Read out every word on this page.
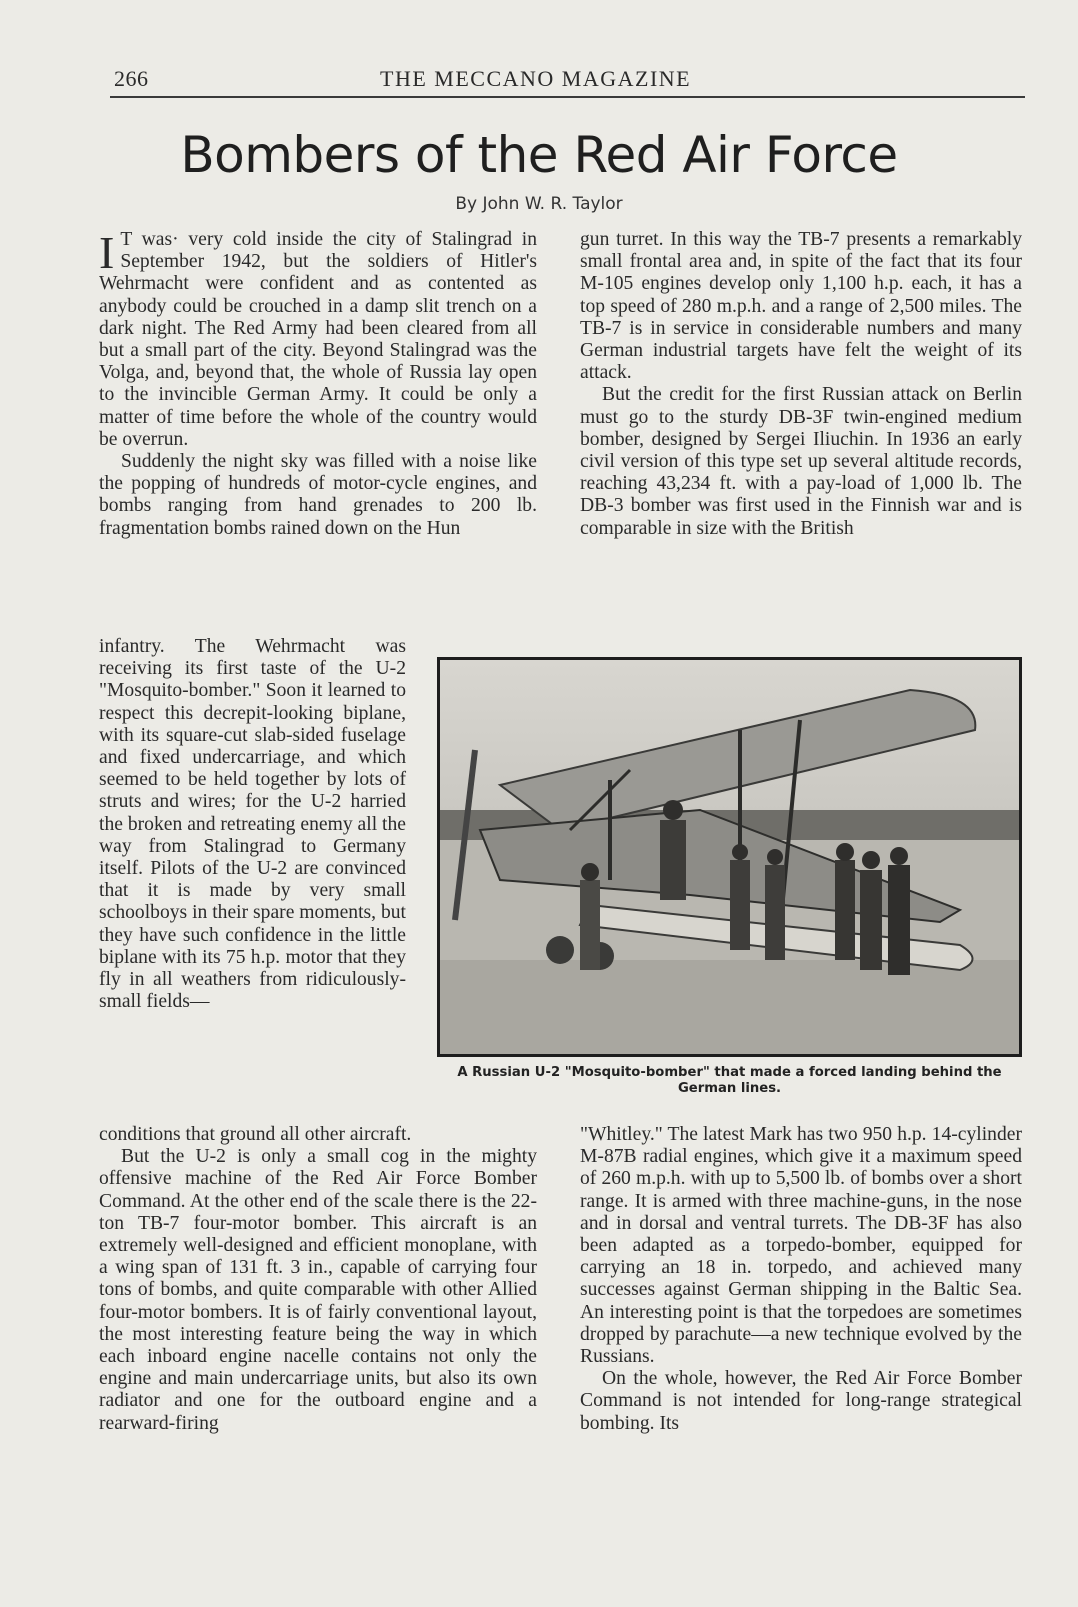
266	THE MECCANO MAGAZINE
Bombers of the Red Air Force
By John W. R. Taylor

I T was· very cold inside the city of Stalingrad in September 1942, but the soldiers of Hitler's Wehrmacht were confident and as contented as anybody could be crouched in a damp slit trench on a dark night. The Red Army had been cleared from all but a small part of the city. Beyond Stalingrad was the Volga, and, beyond that, the whole of Russia lay open to the invincible German Army. It could be only a matter of time before the whole of the country would be overrun.

Suddenly the night sky was filled with a noise like the popping of hundreds of motor-cycle engines, and bombs ranging from hand grenades to 200 lb. fragmentation bombs rained down on the Hun

infantry. The Wehrmacht was receiving its first taste of the U-2 "Mosquito-bomber." Soon it learned to respect this decrepit-looking biplane, with its square-cut slab-sided fuselage and fixed undercarriage, and which seemed to be held together by lots of struts and wires; for the U-2 harried the broken and retreating enemy all the way from Stalingrad to Germany itself. Pilots of the U-2 are convinced that it is made by very small schoolboys in their spare moments, but they have such confidence in the little biplane with its 75 h.p. motor that they fly in all weathers from ridiculously-small fields—

conditions that ground all other aircraft.

But the U-2 is only a small cog in the mighty offensive machine of the Red Air Force Bomber Command. At the other end of the scale there is the 22-ton TB-7 four-motor bomber. This aircraft is an extremely well-designed and efficient monoplane, with a wing span of 131 ft. 3 in., capable of carrying four tons of bombs, and quite comparable with other Allied four-motor bombers. It is of fairly conventional layout, the most interesting feature being the way in which each inboard engine nacelle contains not only the engine and main undercarriage units, but also its own radiator and one for the outboard engine and a rearward-firing

gun turret. In this way the TB-7 presents a remarkably small frontal area and, in spite of the fact that its four M-105 engines develop only 1,100 h.p. each, it has a top speed of 280 m.p.h. and a range of 2,500 miles. The TB-7 is in service in considerable numbers and many German industrial targets have felt the weight of its attack.

But the credit for the first Russian attack on Berlin must go to the sturdy DB-3F twin-engined medium bomber, designed by Sergei Iliuchin. In 1936 an early civil version of this type set up several altitude records, reaching 43,234 ft. with a pay-load of 1,000 lb. The DB-3 bomber was first used in the Finnish war and is comparable in size with the British

A Russian U-2 "Mosquito-bomber" that made a forced landing behind the German lines.

"Whitley." The latest Mark has two 950 h.p. 14-cylinder M-87B radial engines, which give it a maximum speed of 260 m.p.h. with up to 5,500 lb. of bombs over a short range. It is armed with three machine-guns, in the nose and in dorsal and ventral turrets. The DB-3F has also been adapted as a torpedo-bomber, equipped for carrying an 18 in. torpedo, and achieved many successes against German shipping in the Baltic Sea. An interesting point is that the torpedoes are sometimes dropped by parachute—a new technique evolved by the Russians.

On the whole, however, the Red Air Force Bomber Command is not intended for long-range strategical bombing. Its
